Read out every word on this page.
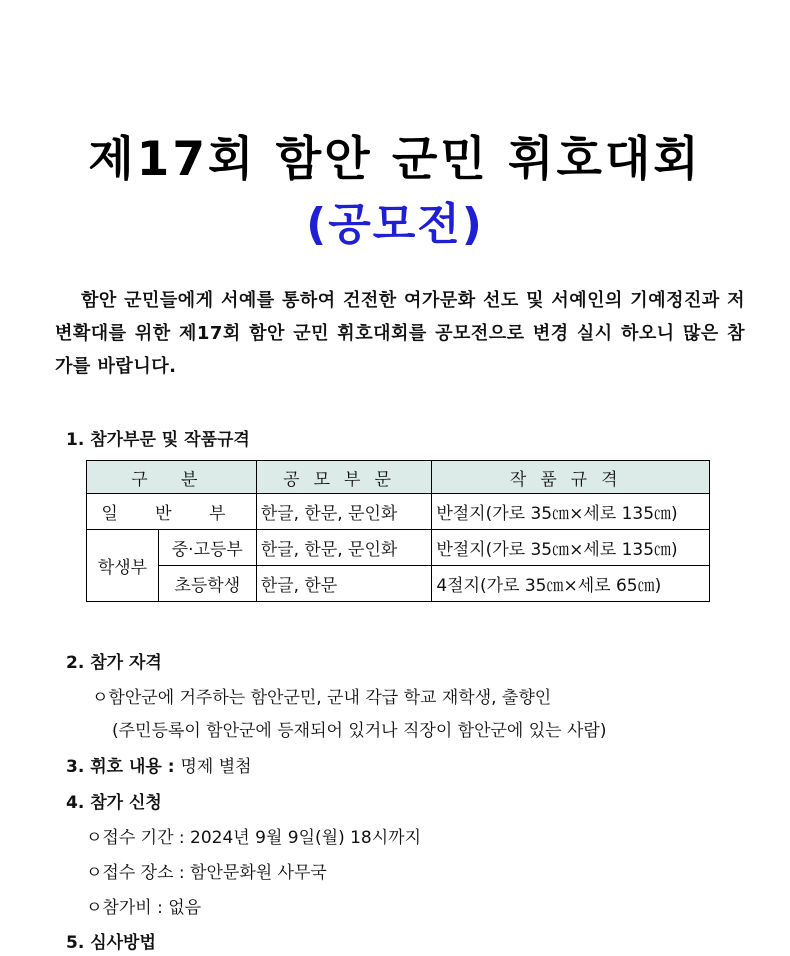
제17회 함안 군민 휘호대회
(공모전)
함안 군민들에게 서예를 통하여 건전한 여가문화 선도 및 서예인의 기예정진과 저변확대를 위한 제17회 함안 군민 휘호대회를 공모전으로 변경 실시 하오니 많은 참가를 바랍니다.
1. 참가부문 및 작품규격
구 분		공모부문	작품규격
일 반 부		한글, 한문, 문인화	반절지(가로 35㎝×세로 135㎝)
학생부	중·고등부	한글, 한문, 문인화	반절지(가로 35㎝×세로 135㎝)
	초등학생	한글, 한문	4절지(가로 35㎝×세로 65㎝)
2. 참가 자격
ㅇ함안군에 거주하는 함안군민, 군내 각급 학교 재학생, 출향인
(주민등록이 함안군에 등재되어 있거나 직장이 함안군에 있는 사람)
3. 휘호 내용 : 명제 별첨
4. 참가 신청
ㅇ접수 기간 : 2024년 9월 9일(월) 18시까지
ㅇ접수 장소 : 함안문화원 사무국
ㅇ참가비 : 없음
5. 심사방법
